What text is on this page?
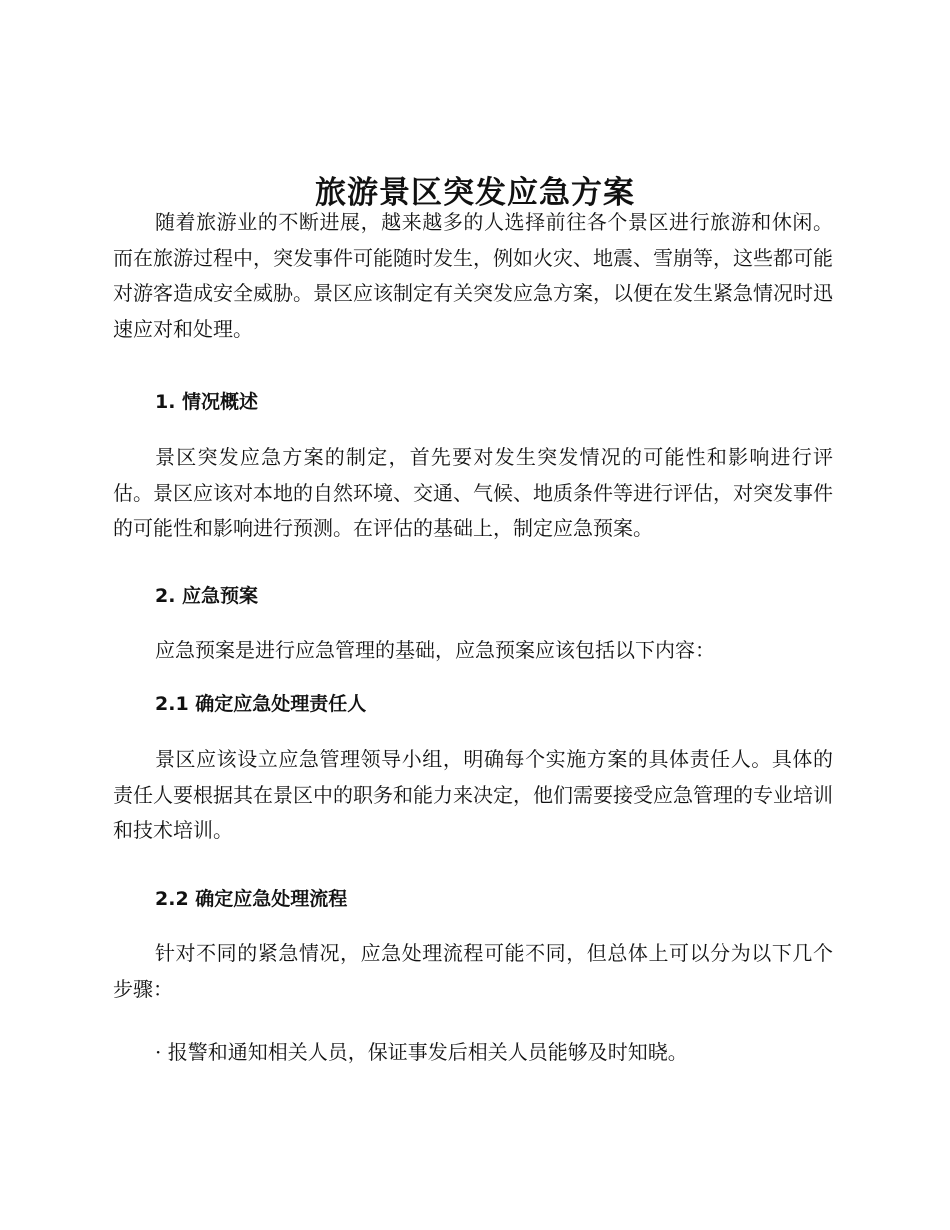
旅游景区突发应急方案

随着旅游业的不断进展，越来越多的人选择前往各个景区进行旅游和休闲。而在旅游过程中，突发事件可能随时发生，例如火灾、地震、雪崩等，这些都可能对游客造成安全威胁。景区应该制定有关突发应急方案，以便在发生紧急情况时迅速应对和处理。

1. 情况概述

景区突发应急方案的制定，首先要对发生突发情况的可能性和影响进行评估。景区应该对本地的自然环境、交通、气候、地质条件等进行评估，对突发事件的可能性和影响进行预测。在评估的基础上，制定应急预案。

2. 应急预案

应急预案是进行应急管理的基础，应急预案应该包括以下内容：

2.1 确定应急处理责任人

景区应该设立应急管理领导小组，明确每个实施方案的具体责任人。具体的责任人要根据其在景区中的职务和能力来决定，他们需要接受应急管理的专业培训和技术培训。

2.2 确定应急处理流程

针对不同的紧急情况，应急处理流程可能不同，但总体上可以分为以下几个步骤：

· 报警和通知相关人员，保证事发后相关人员能够及时知晓。
